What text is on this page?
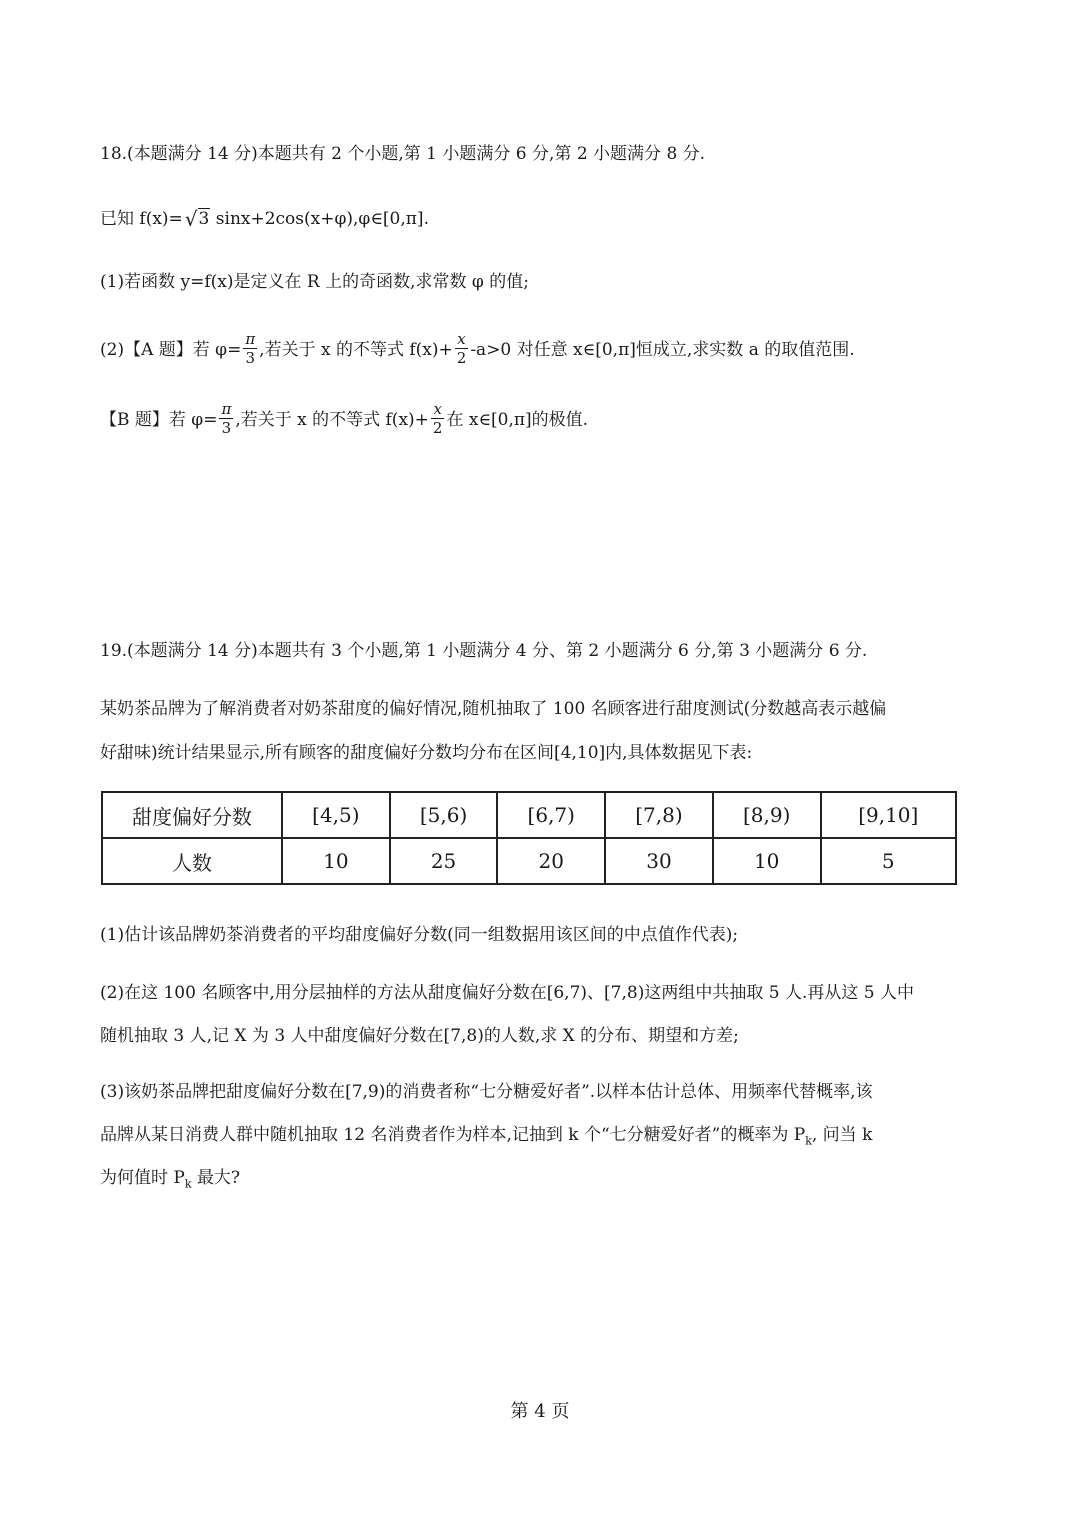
18.(本题满分 14 分)本题共有 2 个小题,第 1 小题满分 6 分,第 2 小题满分 8 分.
已知 f(x)= √3 sinx+2cos(x+φ),φ∈[0,π].
(1)若函数 y=f(x)是定义在 R 上的奇函数,求常数 φ 的值;
(2)【A 题】若 $\varphi= \frac{\pi}{3}$ ,若关于 x 的不等式 $f(x)+ \frac{x}{2} -a>0$ 对任意 x∈[0,π]恒成立,求实数 a 的取值范围.
【B 题】若 $\varphi= \frac{\pi}{3}$ ,若关于 x 的不等式 $f(x)+ \frac{x}{2}$ 在 x∈[0,π]的极值.
19.(本题满分 14 分)本题共有 3 个小题,第 1 小题满分 4 分、第 2 小题满分 6 分,第 3 小题满分 6 分.
某奶茶品牌为了解消费者对奶茶甜度的偏好情况,随机抽取了 100 名顾客进行甜度测试(分数越高表示越偏
好甜味)统计结果显示,所有顾客的甜度偏好分数均分布在区间[4,10]内,具体数据见下表:
甜度偏好分数	[4,5)	[5,6)	[6,7)	[7,8)	[8,9)	[9,10]
人数	10	25	20	30	10	5
(1)估计该品牌奶茶消费者的平均甜度偏好分数(同一组数据用该区间的中点值作代表);
(2)在这 100 名顾客中,用分层抽样的方法从甜度偏好分数在[6,7)、[7,8)这两组中共抽取 5 人.再从这 5 人中
随机抽取 3 人,记 X 为 3 人中甜度偏好分数在[7,8)的人数,求 X 的分布、期望和方差;
(3)该奶茶品牌把甜度偏好分数在[7,9)的消费者称“七分糖爱好者”.以样本估计总体、用频率代替概率,该
品牌从某日消费人群中随机抽取 12 名消费者作为样本,记抽到 k 个“七分糖爱好者”的概率为 $P_k$, 问当 k
为何值时 $P_k$ 最大?
第 4 页
